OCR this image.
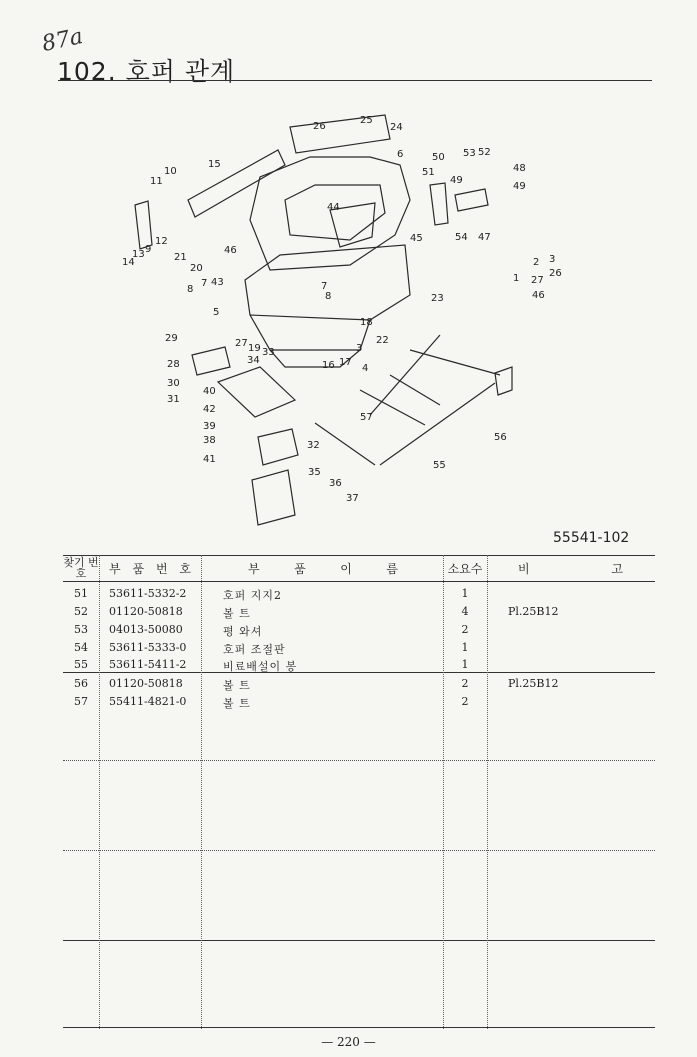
87a
102. 호퍼 관계
26
25
24
6	50 53 52
48
49
51
49
54 47
45
44
15
11
10
12
9
13
14	21
20
46
7 43
8
5
7
8	23
29
28
27 19 33
34
30
31
40
42
39
38
41
32
35
36
37
16 17
3
4
22
18
57
55
56
2 3
26
1 27
46
55541-102
찾기 번호	부 품 번 호	부	품	이	름	소요수	비	고
51	53611-5332-2	호퍼 지지2	1
52	01120-50818	볼 트	4	Pl.25B12
53	04013-50080	평 와셔	2
54	53611-5333-0	호퍼 조절판	1
55	53611-5411-2	비료배설이 봉	1
56	01120-50818	볼 트	2	Pl.25B12
57	55411-4821-0	볼 트	2
— 220 —
